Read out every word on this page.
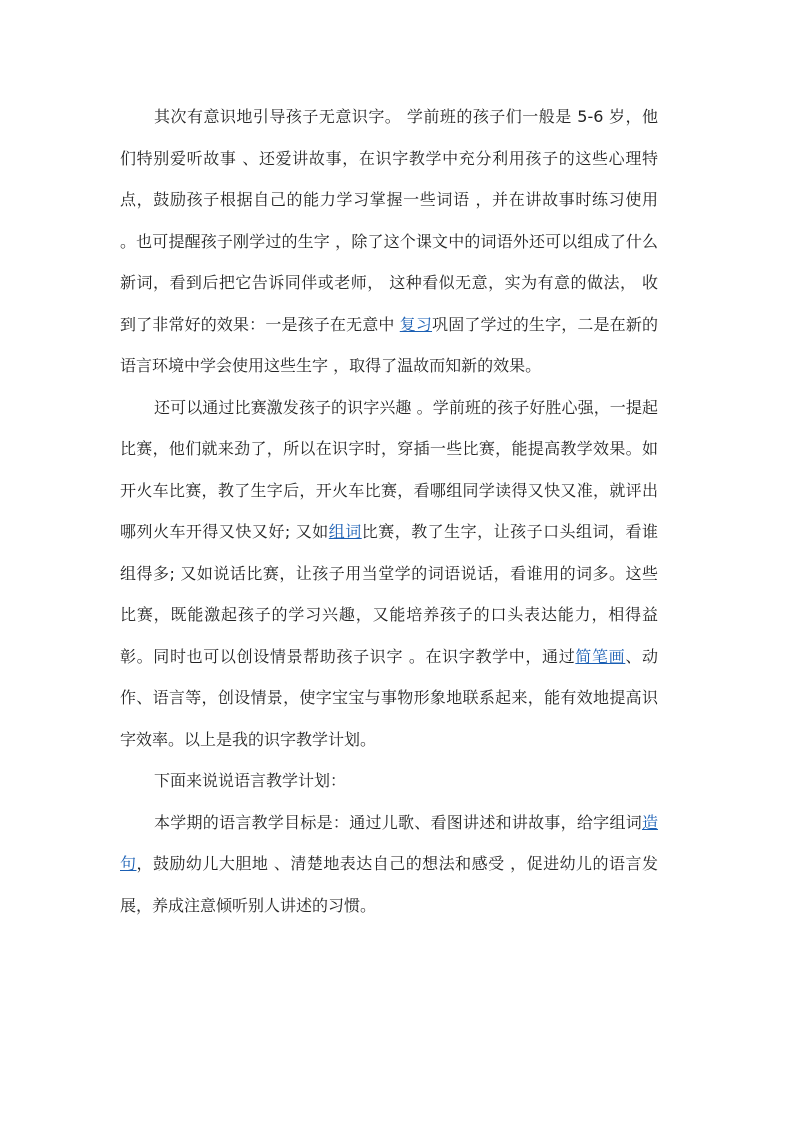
其次有意识地引导孩子无意识字。 学前班的孩子们一般是 5-6 岁，他们特别爱听故事 、还爱讲故事，在识字教学中充分利用孩子的这些心理特点，鼓励孩子根据自己的能力学习掌握一些词语 ，并在讲故事时练习使用 。也可提醒孩子刚学过的生字 ，除了这个课文中的词语外还可以组成了什么新词，看到后把它告诉同伴或老师， 这种看似无意，实为有意的做法， 收到了非常好的效果：一是孩子在无意中 复习巩固了学过的生字，二是在新的语言环境中学会使用这些生字 ，取得了温故而知新的效果。

还可以通过比赛激发孩子的识字兴趣 。学前班的孩子好胜心强，一提起比赛，他们就来劲了，所以在识字时，穿插一些比赛，能提高教学效果。如开火车比赛，教了生字后，开火车比赛，看哪组同学读得又快又准，就评出哪列火车开得又快又好; 又如组词比赛，教了生字，让孩子口头组词，看谁组得多; 又如说话比赛，让孩子用当堂学的词语说话，看谁用的词多。这些比赛，既能激起孩子的学习兴趣，又能培养孩子的口头表达能力，相得益彰。同时也可以创设情景帮助孩子识字 。在识字教学中，通过简笔画、动作、语言等，创设情景，使字宝宝与事物形象地联系起来，能有效地提高识字效率。以上是我的识字教学计划。

下面来说说语言教学计划：

本学期的语言教学目标是：通过儿歌、看图讲述和讲故事，给字组词造句，鼓励幼儿大胆地 、清楚地表达自己的想法和感受 ，促进幼儿的语言发展，养成注意倾听别人讲述的习惯。
